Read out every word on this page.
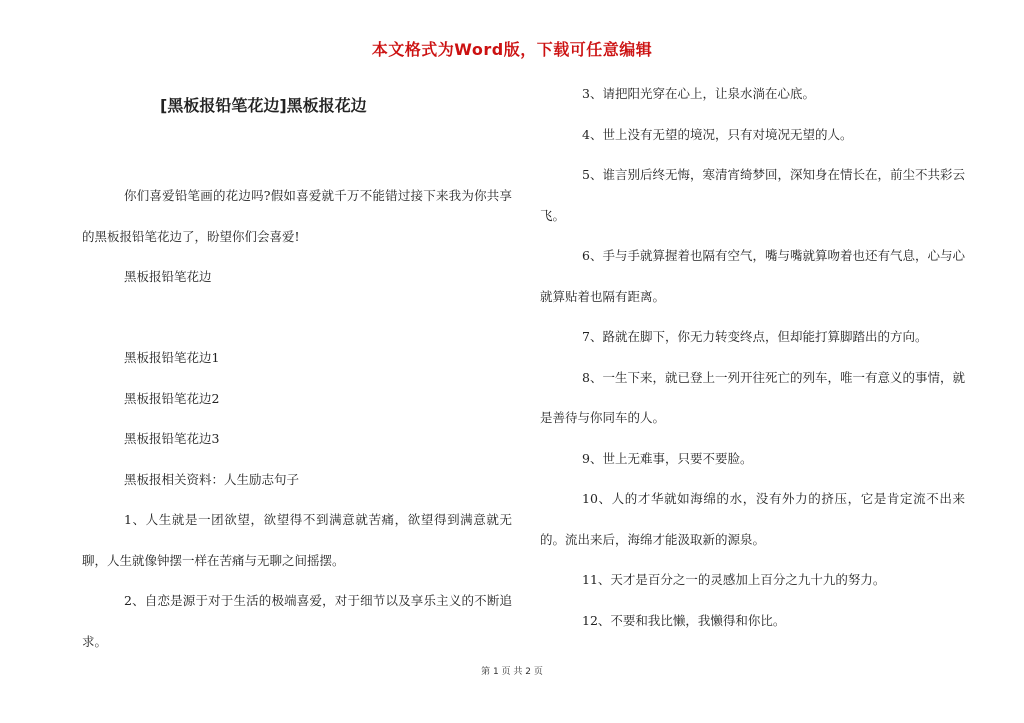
本文格式为Word版，下载可任意编辑
[黑板报铅笔花边]黑板报花边

你们喜爱铅笔画的花边吗?假如喜爱就千万不能错过接下来我为你共享的黑板报铅笔花边了，盼望你们会喜爱!

黑板报铅笔花边

黑板报铅笔花边1

黑板报铅笔花边2

黑板报铅笔花边3

黑板报相关资料：人生励志句子

1、人生就是一团欲望，欲望得不到满意就苦痛，欲望得到满意就无聊，人生就像钟摆一样在苦痛与无聊之间摇摆。

2、自恋是源于对于生活的极端喜爱，对于细节以及享乐主义的不断追求。

3、请把阳光穿在心上，让泉水淌在心底。

4、世上没有无望的境况，只有对境况无望的人。

5、谁言别后终无悔，寒清宵绮梦回，深知身在情长在，前尘不共彩云飞。

6、手与手就算握着也隔有空气，嘴与嘴就算吻着也还有气息，心与心就算贴着也隔有距离。

7、路就在脚下，你无力转变终点，但却能打算脚踏出的方向。

8、一生下来，就已登上一列开往死亡的列车，唯一有意义的事情，就是善待与你同车的人。

9、世上无难事，只要不要脸。

10、人的才华就如海绵的水，没有外力的挤压，它是肯定流不出来的。流出来后，海绵才能汲取新的源泉。

11、天才是百分之一的灵感加上百分之九十九的努力。

12、不要和我比懒，我懒得和你比。

第 1 页 共 2 页
